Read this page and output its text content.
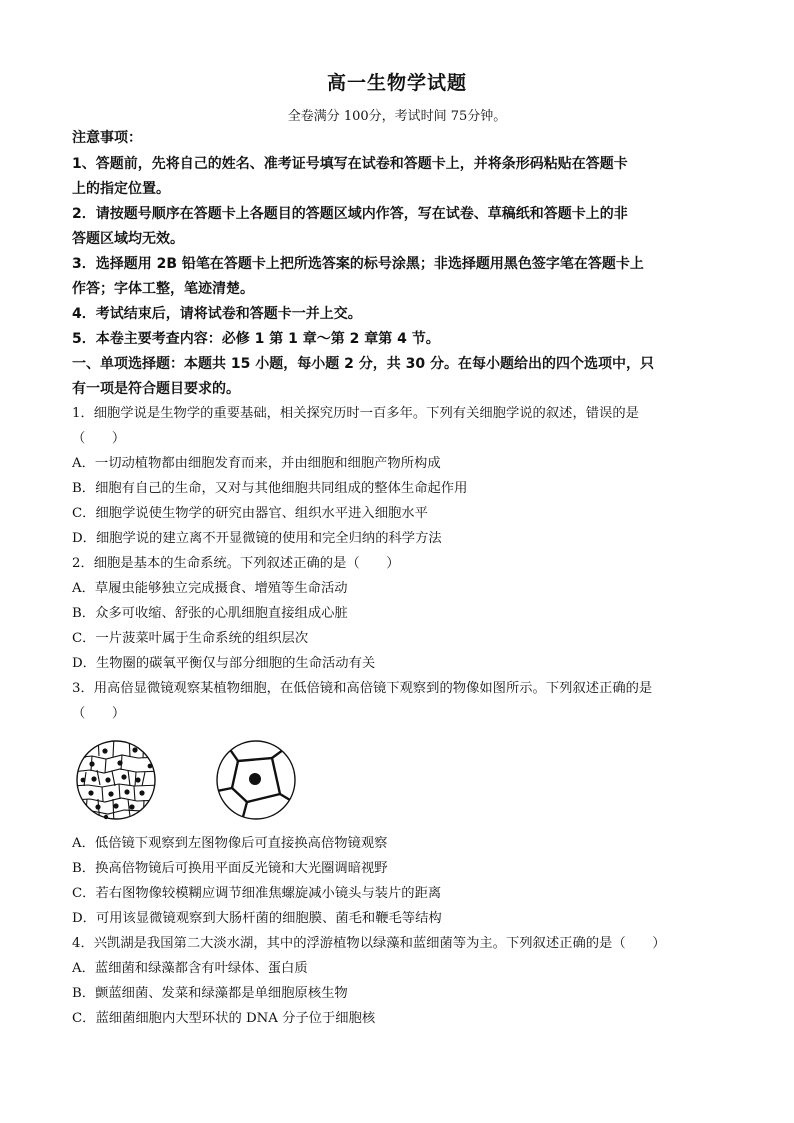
高一生物学试题
全卷满分 100分，考试时间 75分钟。
注意事项：
1、答题前，先将自己的姓名、准考证号填写在试卷和答题卡上，并将条形码粘贴在答题卡
上的指定位置。
2．请按题号顺序在答题卡上各题目的答题区域内作答，写在试卷、草稿纸和答题卡上的非
答题区域均无效。
3．选择题用 2B 铅笔在答题卡上把所选答案的标号涂黑；非选择题用黑色签字笔在答题卡上
作答；字体工整，笔迹清楚。
4．考试结束后，请将试卷和答题卡一并上交。
5．本卷主要考查内容：必修 1 第 1 章～第 2 章第 4 节。
一、单项选择题：本题共 15 小题，每小题 2 分，共 30 分。在每小题给出的四个选项中，只
有一项是符合题目要求的。
1．细胞学说是生物学的重要基础，相关探究历时一百多年。下列有关细胞学说的叙述，错误的是
（　　）
A．一切动植物都由细胞发育而来，并由细胞和细胞产物所构成
B．细胞有自己的生命，又对与其他细胞共同组成的整体生命起作用
C．细胞学说使生物学的研究由器官、组织水平进入细胞水平
D．细胞学说的建立离不开显微镜的使用和完全归纳的科学方法
2．细胞是基本的生命系统。下列叙述正确的是（　　）
A．草履虫能够独立完成摄食、增殖等生命活动
B．众多可收缩、舒张的心肌细胞直接组成心脏
C．一片菠菜叶属于生命系统的组织层次
D．生物圈的碳氧平衡仅与部分细胞的生命活动有关
3．用高倍显微镜观察某植物细胞，在低倍镜和高倍镜下观察到的物像如图所示。下列叙述正确的是
（　　）
A．低倍镜下观察到左图物像后可直接换高倍物镜观察
B．换高倍物镜后可换用平面反光镜和大光圈调暗视野
C．若右图物像较模糊应调节细准焦螺旋减小镜头与装片的距离
D．可用该显微镜观察到大肠杆菌的细胞膜、菌毛和鞭毛等结构
4．兴凯湖是我国第二大淡水湖，其中的浮游植物以绿藻和蓝细菌等为主。下列叙述正确的是（　　）
A．蓝细菌和绿藻都含有叶绿体、蛋白质
B．颤蓝细菌、发菜和绿藻都是单细胞原核生物
C．蓝细菌细胞内大型环状的 DNA 分子位于细胞核
